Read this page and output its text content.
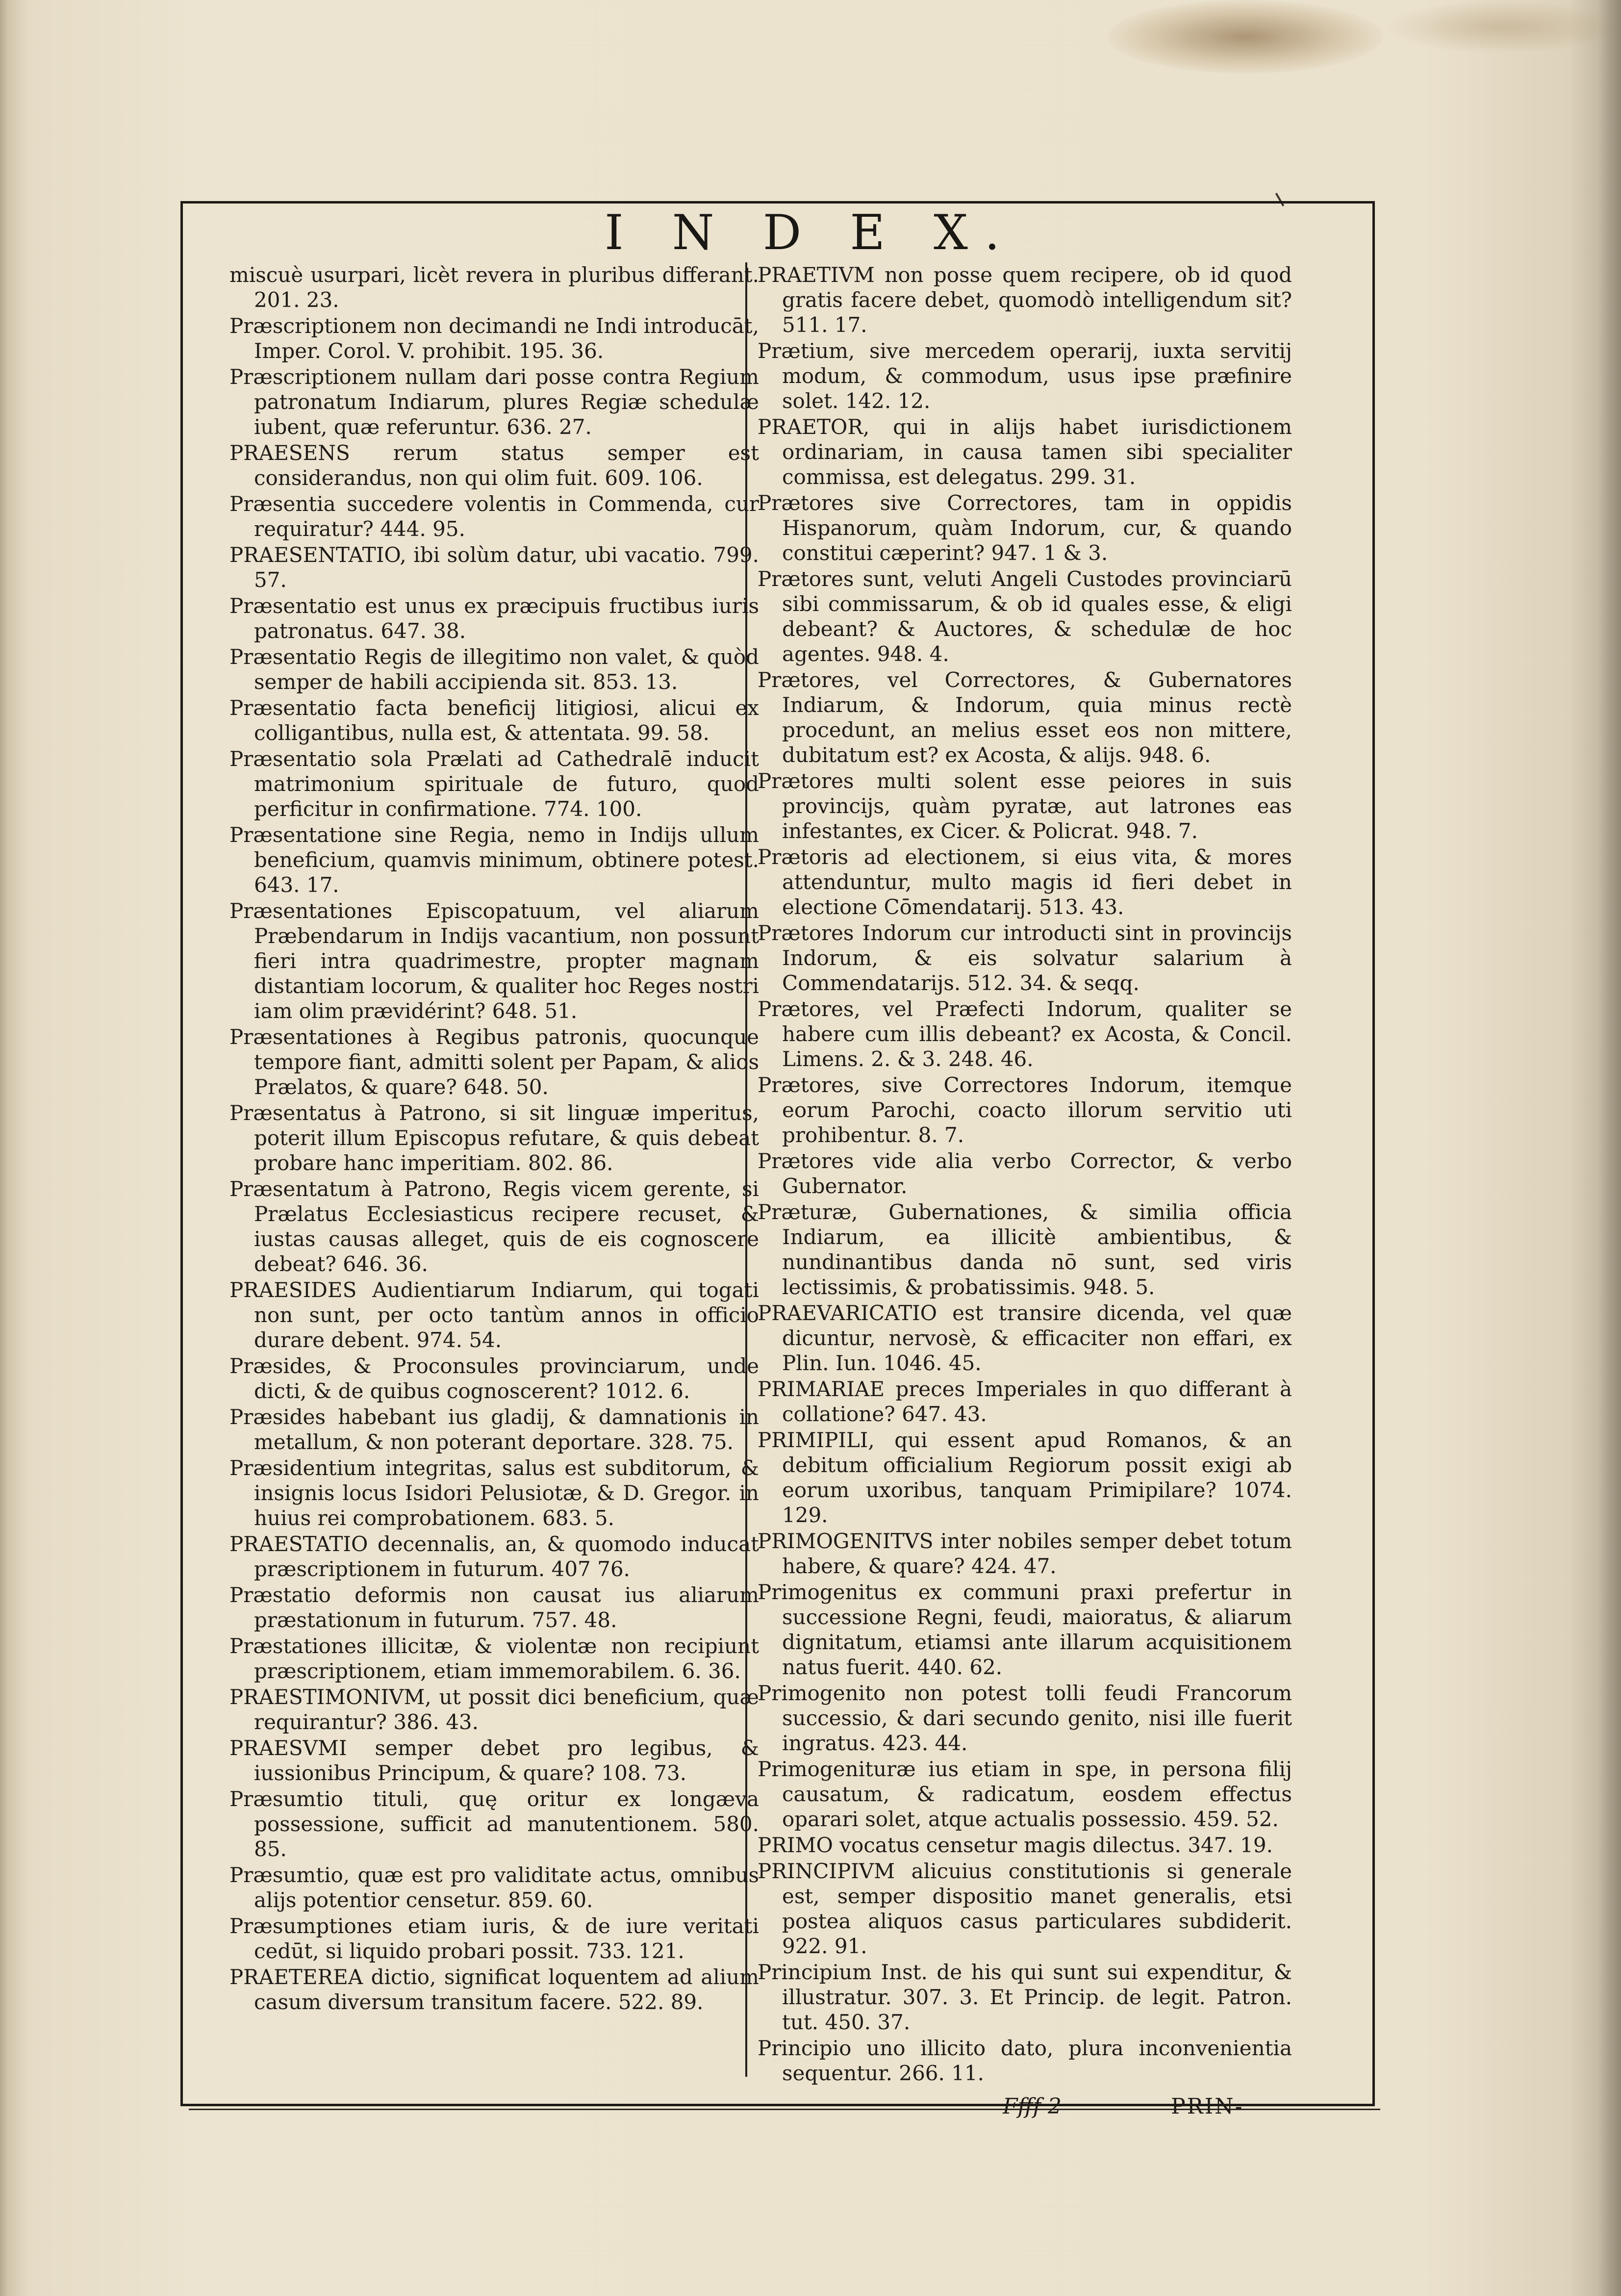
I N D E X.

miscuè usurpari, licèt revera in pluribus differant. 201. 23.

Præscriptionem non decimandi ne Indi introducāt, Imper. Corol. V. prohibit. 195. 36.

Præscriptionem nullam dari posse contra Regium patronatum Indiarum, plures Regiæ schedulæ iubent, quæ referuntur. 636. 27.

PRAESENS rerum status semper est considerandus, non qui olim fuit. 609. 106.

Præsentia succedere volentis in Commenda, cur requiratur? 444. 95.

PRAESENTATIO, ibi solùm datur, ubi vacatio. 799. 57.

Præsentatio est unus ex præcipuis fructibus iuris patronatus. 647. 38.

Præsentatio Regis de illegitimo non valet, & quòd semper de habili accipienda sit. 853. 13.

Præsentatio facta beneficij litigiosi, alicui ex colligantibus, nulla est, & attentata. 99. 58.

Præsentatio sola Prælati ad Cathedralē inducit matrimonium spirituale de futuro, quod perficitur in confirmatione. 774. 100.

Præsentatione sine Regia, nemo in Indijs ullum beneficium, quamvis minimum, obtinere potest. 643. 17.

Præsentationes Episcopatuum, vel aliarum Præbendarum in Indijs vacantium, non possunt fieri intra quadrimestre, propter magnam distantiam locorum, & qualiter hoc Reges nostri iam olim prævidérint? 648. 51.

Præsentationes à Regibus patronis, quocunque tempore fiant, admitti solent per Papam, & alios Prælatos, & quare? 648. 50.

Præsentatus à Patrono, si sit linguæ imperitus, poterit illum Episcopus refutare, & quis debeat probare hanc imperitiam. 802. 86.

Præsentatum à Patrono, Regis vicem gerente, si Prælatus Ecclesiasticus recipere recuset, & iustas causas alleget, quis de eis cognoscere debeat? 646. 36.

PRAESIDES Audientiarum Indiarum, qui togati non sunt, per octo tantùm annos in officio durare debent. 974. 54.

Præsides, & Proconsules provinciarum, unde dicti, & de quibus cognoscerent? 1012. 6.

Præsides habebant ius gladij, & damnationis in metallum, & non poterant deportare. 328. 75.

Præsidentium integritas, salus est subditorum, & insignis locus Isidori Pelusiotæ, & D. Gregor. in huius rei comprobationem. 683. 5.

PRAESTATIO decennalis, an, & quomodo inducat præscriptionem in futurum. 407 76.

Præstatio deformis non causat ius aliarum præstationum in futurum. 757. 48.

Præstationes illicitæ, & violentæ non recipiunt præscriptionem, etiam immemorabilem. 6. 36.

PRAESTIMONIVM, ut possit dici beneficium, quæ requirantur? 386. 43.

PRAESVMI semper debet pro legibus, & iussionibus Principum, & quare? 108. 73.

Præsumtio tituli, quę oritur ex longæva possessione, sufficit ad manutentionem. 580. 85.

Præsumtio, quæ est pro validitate actus, omnibus alijs potentior censetur. 859. 60.

Præsumptiones etiam iuris, & de iure veritati cedūt, si liquido probari possit. 733. 121.

PRAETEREA dictio, significat loquentem ad alium casum diversum transitum facere. 522. 89.

PRAETIVM non posse quem recipere, ob id quod gratis facere debet, quomodò intelligendum sit? 511. 17.

Prætium, sive mercedem operarij, iuxta servitij modum, & commodum, usus ipse præfinire solet. 142. 12.

PRAETOR, qui in alijs habet iurisdictionem ordinariam, in causa tamen sibi specialiter commissa, est delegatus. 299. 31.

Prætores sive Correctores, tam in oppidis Hispanorum, quàm Indorum, cur, & quando constitui cæperint? 947. 1 & 3.

Prætores sunt, veluti Angeli Custodes provinciarū sibi commissarum, & ob id quales esse, & eligi debeant? & Auctores, & schedulæ de hoc agentes. 948. 4.

Prætores, vel Correctores, & Gubernatores Indiarum, & Indorum, quia minus rectè procedunt, an melius esset eos non mittere, dubitatum est? ex Acosta, & alijs. 948. 6.

Prætores multi solent esse peiores in suis provincijs, quàm pyratæ, aut latrones eas infestantes, ex Cicer. & Policrat. 948. 7.

Prætoris ad electionem, si eius vita, & mores attenduntur, multo magis id fieri debet in electione Cōmendatarij. 513. 43.

Prætores Indorum cur introducti sint in provincijs Indorum, & eis solvatur salarium à Commendatarijs. 512. 34. & seqq.

Prætores, vel Præfecti Indorum, qualiter se habere cum illis debeant? ex Acosta, & Concil. Limens. 2. & 3. 248. 46.

Prætores, sive Correctores Indorum, itemque eorum Parochi, coacto illorum servitio uti prohibentur. 8. 7.

Prætores vide alia verbo Corrector, & verbo Gubernator.

Præturæ, Gubernationes, & similia officia Indiarum, ea illicitè ambientibus, & nundinantibus danda nō sunt, sed viris lectissimis, & probatissimis. 948. 5.

PRAEVARICATIO est transire dicenda, vel quæ dicuntur, nervosè, & efficaciter non effari, ex Plin. Iun. 1046. 45.

PRIMARIAE preces Imperiales in quo differant à collatione? 647. 43.

PRIMIPILI, qui essent apud Romanos, & an debitum officialium Regiorum possit exigi ab eorum uxoribus, tanquam Primipilare? 1074. 129.

PRIMOGENITVS inter nobiles semper debet totum habere, & quare? 424. 47.

Primogenitus ex communi praxi prefertur in successione Regni, feudi, maioratus, & aliarum dignitatum, etiamsi ante illarum acquisitionem natus fuerit. 440. 62.

Primogenito non potest tolli feudi Francorum successio, & dari secundo genito, nisi ille fuerit ingratus. 423. 44.

Primogenituræ ius etiam in spe, in persona filij causatum, & radicatum, eosdem effectus oparari solet, atque actualis possessio. 459. 52.

PRIMO vocatus censetur magis dilectus. 347. 19.

PRINCIPIVM alicuius constitutionis si generale est, semper dispositio manet generalis, etsi postea aliquos casus particulares subdiderit. 922. 91.

Principium Inst. de his qui sunt sui expenditur, & illustratur. 307. 3. Et Princip. de legit. Patron. tut. 450. 37.

Principio uno illicito dato, plura inconvenientia sequentur. 266. 11.

Ffff 2	PRIN-
